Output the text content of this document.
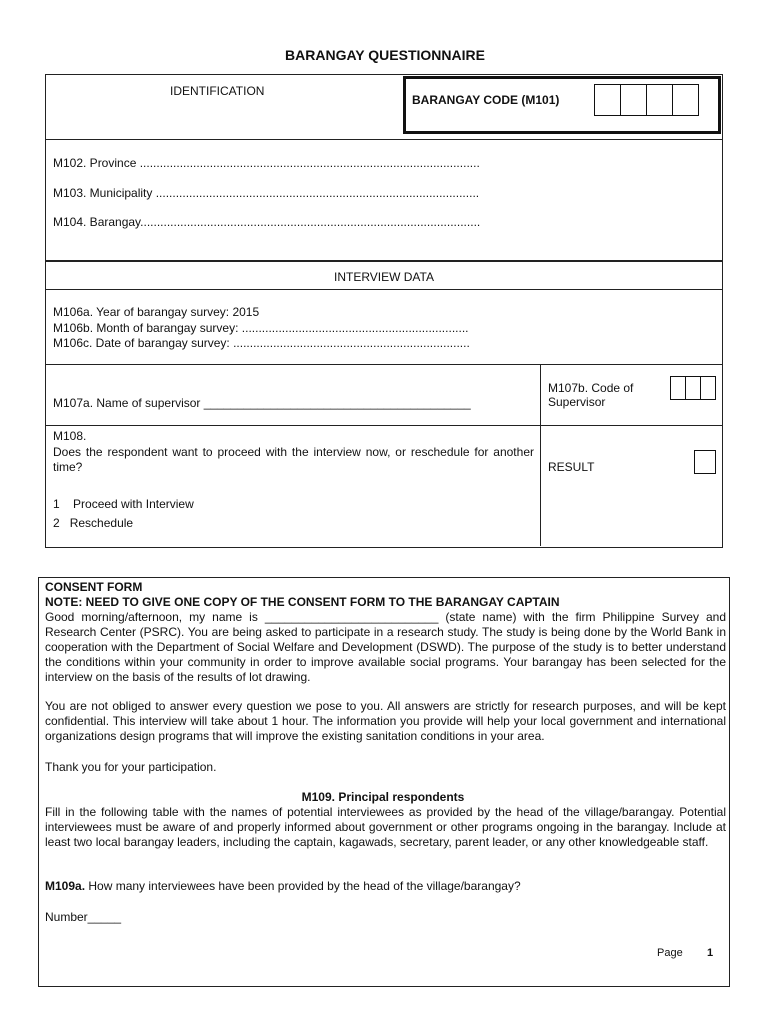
BARANGAY QUESTIONNAIRE
IDENTIFICATION
BARANGAY CODE (M101)
M102. Province ......................................................................................................
M103. Municipality .................................................................................................
M104. Barangay......................................................................................................
INTERVIEW DATA
M106a. Year of barangay survey: 2015
M106b. Month of barangay survey: ....................................................................
M106c. Date of barangay survey: .......................................................................
M107a. Name of supervisor ________________________________________
M107b. Code of
Supervisor
M108.
Does the respondent want to proceed with the interview now, or reschedule for another time?	RESULT
1 Proceed with Interview
2 Reschedule
CONSENT FORM
NOTE: NEED TO GIVE ONE COPY OF THE CONSENT FORM TO THE BARANGAY CAPTAIN
Good morning/afternoon, my name is __________________________ (state name) with the firm Philippine Survey and Research Center (PSRC). You are being asked to participate in a research study. The study is being done by the World Bank in cooperation with the Department of Social Welfare and Development (DSWD). The purpose of the study is to better understand the conditions within your community in order to improve available social programs. Your barangay has been selected for the interview on the basis of the results of lot drawing.
You are not obliged to answer every question we pose to you. All answers are strictly for research purposes, and will be kept confidential. This interview will take about 1 hour. The information you provide will help your local government and international organizations design programs that will improve the existing sanitation conditions in your area.
Thank you for your participation.
M109. Principal respondents
Fill in the following table with the names of potential interviewees as provided by the head of the village/barangay. Potential interviewees must be aware of and properly informed about government or other programs ongoing in the barangay. Include at least two local barangay leaders, including the captain, kagawads, secretary, parent leader, or any other knowledgeable staff.
M109a. How many interviewees have been provided by the head of the village/barangay?
Number_____
Page 1
